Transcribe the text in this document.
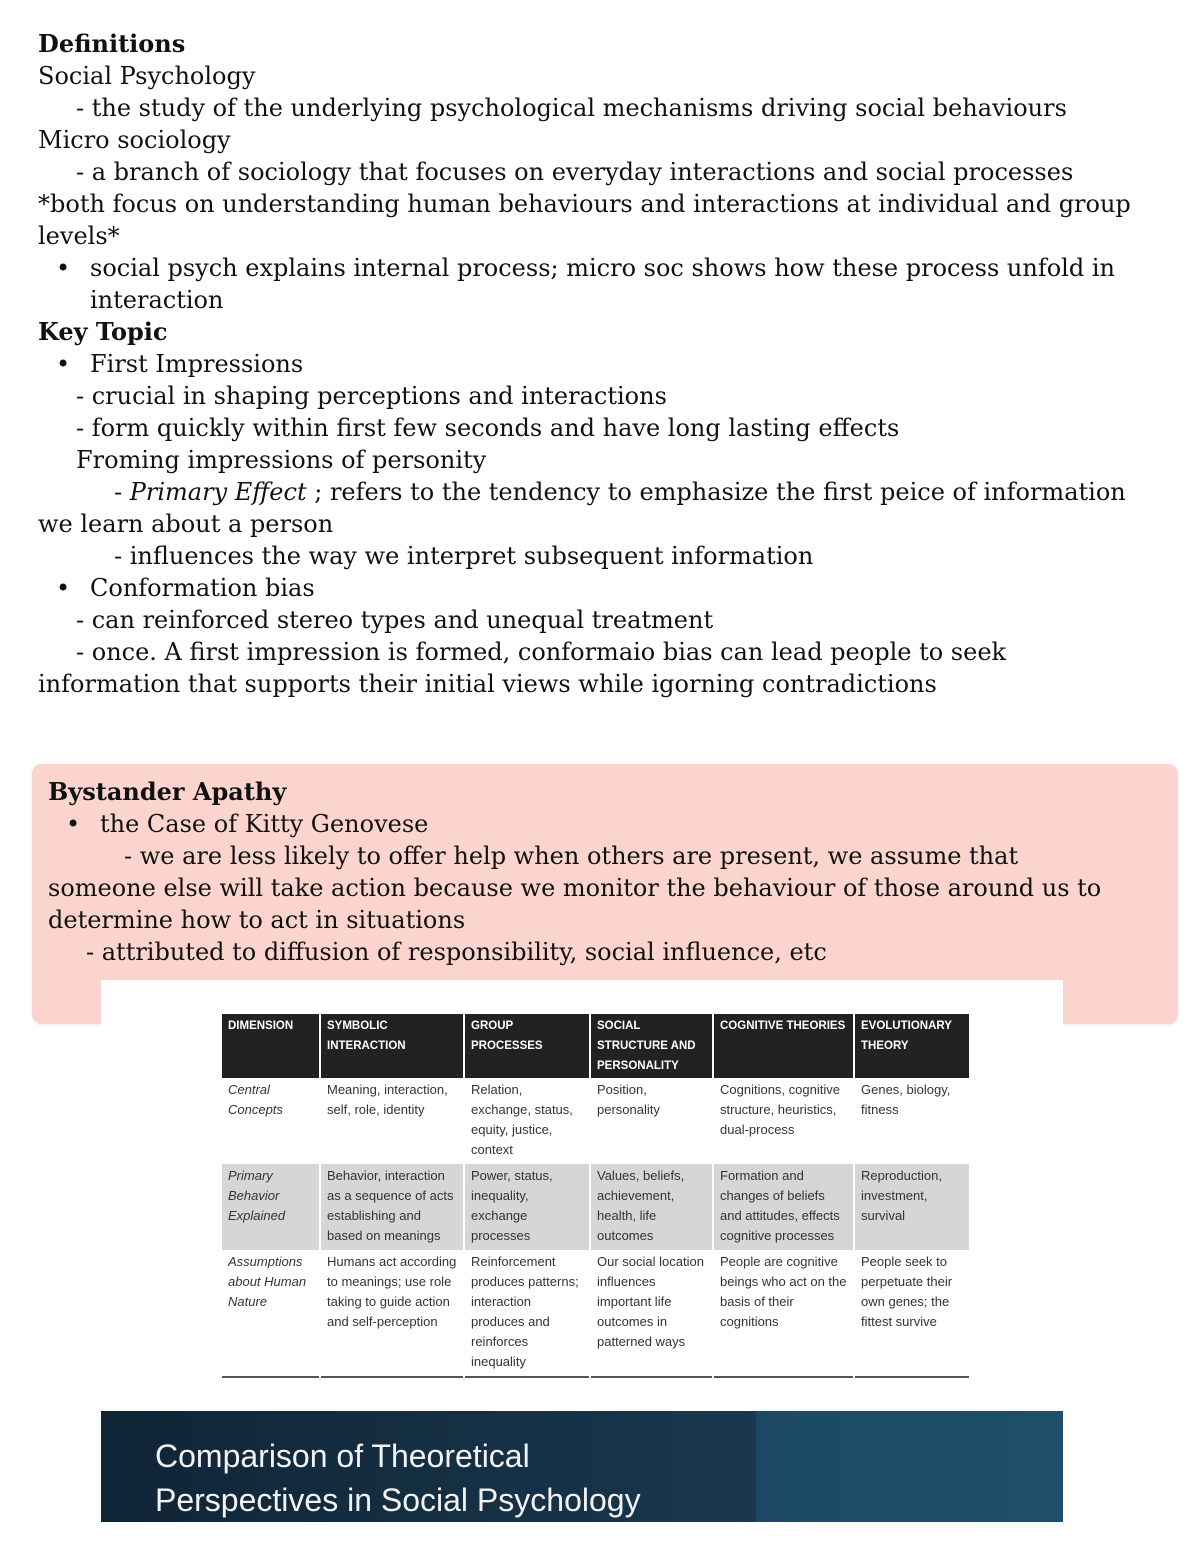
Definitions

Social Psychology

- the study of the underlying psychological mechanisms driving social behaviours

Micro sociology

- a branch of sociology that focuses on everyday interactions and social processes

*both focus on understanding human behaviours and interactions at individual and group levels*

• social psych explains internal process; micro soc shows how these process unfold in interaction

Key Topic

• First Impressions

- crucial in shaping perceptions and interactions

- form quickly within first few seconds and have long lasting effects

Froming impressions of personity

- Primary Effect ; refers to the tendency to emphasize the first peice of information

we learn about a person

- influences the way we interpret subsequent information

• Conformation bias

- can reinforced stereo types and unequal treatment

- once. A first impression is formed, conformaio bias can lead people to seek

information that supports their initial views while igorning contradictions

Bystander Apathy

• the Case of Kitty Genovese

- we are less likely to offer help when others are present, we assume that

someone else will take action because we monitor the behaviour of those around us to determine how to act in situations

- attributed to diffusion of responsibility, social influence, etc

DIMENSION	SYMBOLIC INTERACTION	GROUP PROCESSES	SOCIAL STRUCTURE AND PERSONALITY	COGNITIVE THEORIES	EVOLUTIONARY THEORY
Central Concepts	Meaning, interaction, self, role, identity	Relation, exchange, status, equity, justice, context	Position, personality	Cognitions, cognitive structure, heuristics, dual-process	Genes, biology, fitness
Primary Behavior Explained	Behavior, interaction as a sequence of acts establishing and based on meanings	Power, status, inequality, exchange processes	Values, beliefs, achievement, health, life outcomes	Formation and changes of beliefs and attitudes, effects cognitive processes	Reproduction, investment, survival
Assumptions about Human Nature	Humans act according to meanings; use role taking to guide action and self-perception	Reinforcement produces patterns; interaction produces and reinforces inequality	Our social location influences important life outcomes in patterned ways	People are cognitive beings who act on the basis of their cognitions	People seek to perpetuate their own genes; the fittest survive
Comparison of Theoretical
Perspectives in Social Psychology
